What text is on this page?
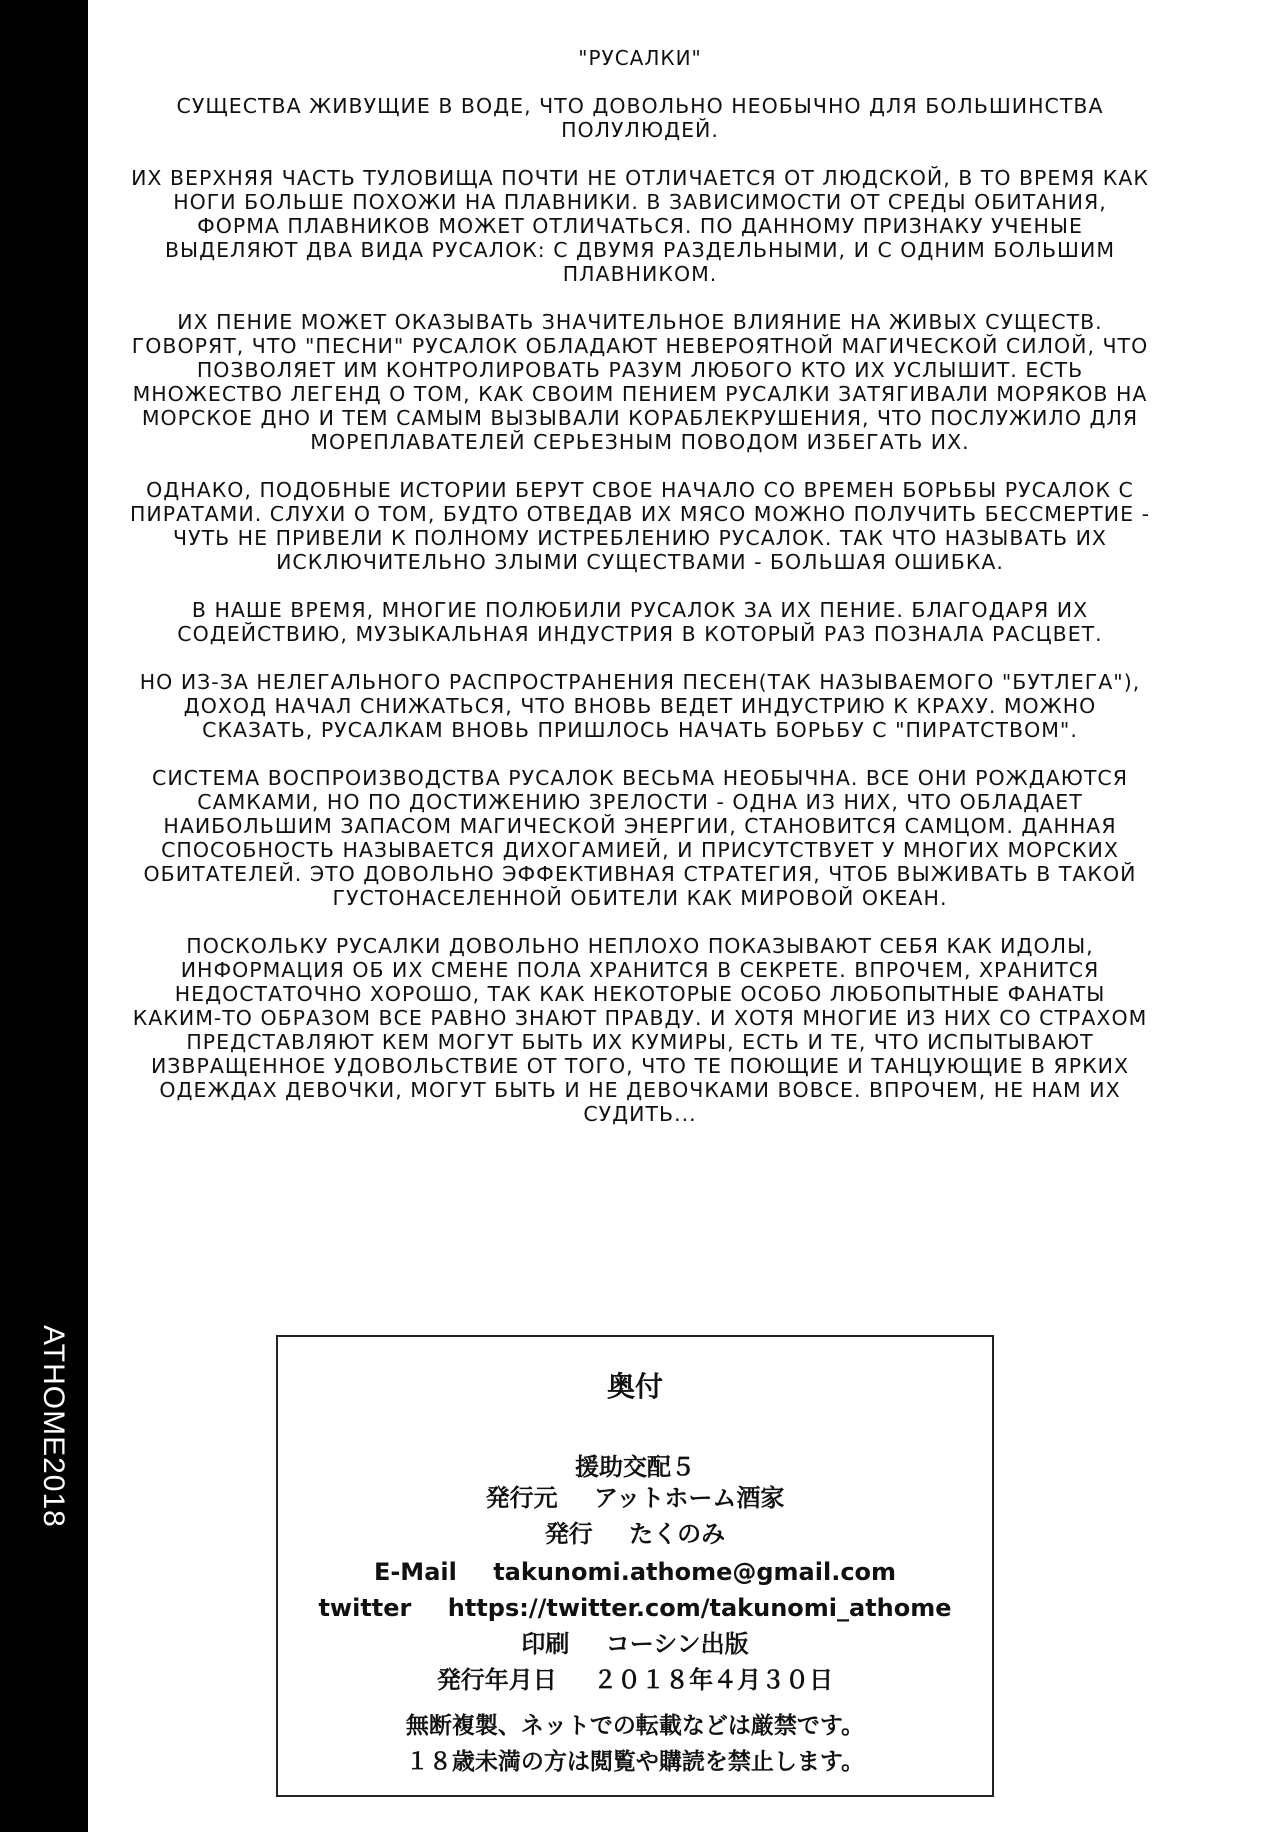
ATHOME2018
"РУСАЛКИ"

СУЩЕСТВА ЖИВУЩИЕ В ВОДЕ, ЧТО ДОВОЛЬНО НЕОБЫЧНО ДЛЯ БОЛЬШИНСТВА ПОЛУЛЮДЕЙ.

ИХ ВЕРХНЯЯ ЧАСТЬ ТУЛОВИЩА ПОЧТИ НЕ ОТЛИЧАЕТСЯ ОТ ЛЮДСКОЙ, В ТО ВРЕМЯ КАК НОГИ БОЛЬШЕ ПОХОЖИ НА ПЛАВНИКИ. В ЗАВИСИМОСТИ ОТ СРЕДЫ ОБИТАНИЯ, ФОРМА ПЛАВНИКОВ МОЖЕТ ОТЛИЧАТЬСЯ. ПО ДАННОМУ ПРИЗНАКУ УЧЕНЫЕ ВЫДЕЛЯЮТ ДВА ВИДА РУСАЛОК: С ДВУМЯ РАЗДЕЛЬНЫМИ, И С ОДНИМ БОЛЬШИМ ПЛАВНИКОМ.

ИХ ПЕНИЕ МОЖЕТ ОКАЗЫВАТЬ ЗНАЧИТЕЛЬНОЕ ВЛИЯНИЕ НА ЖИВЫХ СУЩЕСТВ. ГОВОРЯТ, ЧТО "ПЕСНИ" РУСАЛОК ОБЛАДАЮТ НЕВЕРОЯТНОЙ МАГИЧЕСКОЙ СИЛОЙ, ЧТО ПОЗВОЛЯЕТ ИМ КОНТРОЛИРОВАТЬ РАЗУМ ЛЮБОГО КТО ИХ УСЛЫШИТ. ЕСТЬ МНОЖЕСТВО ЛЕГЕНД О ТОМ, КАК СВОИМ ПЕНИЕМ РУСАЛКИ ЗАТЯГИВАЛИ МОРЯКОВ НА МОРСКОЕ ДНО И ТЕМ САМЫМ ВЫЗЫВАЛИ КОРАБЛЕКРУШЕНИЯ, ЧТО ПОСЛУЖИЛО ДЛЯ МОРЕПЛАВАТЕЛЕЙ СЕРЬЕЗНЫМ ПОВОДОМ ИЗБЕГАТЬ ИХ.

ОДНАКО, ПОДОБНЫЕ ИСТОРИИ БЕРУТ СВОЕ НАЧАЛО СО ВРЕМЕН БОРЬБЫ РУСАЛОК С ПИРАТАМИ. СЛУХИ О ТОМ, БУДТО ОТВЕДАВ ИХ МЯСО МОЖНО ПОЛУЧИТЬ БЕССМЕРТИЕ - ЧУТЬ НЕ ПРИВЕЛИ К ПОЛНОМУ ИСТРЕБЛЕНИЮ РУСАЛОК. ТАК ЧТО НАЗЫВАТЬ ИХ ИСКЛЮЧИТЕЛЬНО ЗЛЫМИ СУЩЕСТВАМИ - БОЛЬШАЯ ОШИБКА.

В НАШЕ ВРЕМЯ, МНОГИЕ ПОЛЮБИЛИ РУСАЛОК ЗА ИХ ПЕНИЕ. БЛАГОДАРЯ ИХ СОДЕЙСТВИЮ, МУЗЫКАЛЬНАЯ ИНДУСТРИЯ В КОТОРЫЙ РАЗ ПОЗНАЛА РАСЦВЕТ.

НО ИЗ-ЗА НЕЛЕГАЛЬНОГО РАСПРОСТРАНЕНИЯ ПЕСЕН(ТАК НАЗЫВАЕМОГО "БУТЛЕГА"), ДОХОД НАЧАЛ СНИЖАТЬСЯ, ЧТО ВНОВЬ ВЕДЕТ ИНДУСТРИЮ К КРАХУ. МОЖНО СКАЗАТЬ, РУСАЛКАМ ВНОВЬ ПРИШЛОСЬ НАЧАТЬ БОРЬБУ С "ПИРАТСТВОМ".

СИСТЕМА ВОСПРОИЗВОДСТВА РУСАЛОК ВЕСЬМА НЕОБЫЧНА. ВСЕ ОНИ РОЖДАЮТСЯ САМКАМИ, НО ПО ДОСТИЖЕНИЮ ЗРЕЛОСТИ - ОДНА ИЗ НИХ, ЧТО ОБЛАДАЕТ НАИБОЛЬШИМ ЗАПАСОМ МАГИЧЕСКОЙ ЭНЕРГИИ, СТАНОВИТСЯ САМЦОМ. ДАННАЯ СПОСОБНОСТЬ НАЗЫВАЕТСЯ ДИХОГАМИЕЙ, И ПРИСУТСТВУЕТ У МНОГИХ МОРСКИХ ОБИТАТЕЛЕЙ. ЭТО ДОВОЛЬНО ЭФФЕКТИВНАЯ СТРАТЕГИЯ, ЧТОБ ВЫЖИВАТЬ В ТАКОЙ ГУСТОНАСЕЛЕННОЙ ОБИТЕЛИ КАК МИРОВОЙ ОКЕАН.

ПОСКОЛЬКУ РУСАЛКИ ДОВОЛЬНО НЕПЛОХО ПОКАЗЫВАЮТ СЕБЯ КАК ИДОЛЫ, ИНФОРМАЦИЯ ОБ ИХ СМЕНЕ ПОЛА ХРАНИТСЯ В СЕКРЕТЕ. ВПРОЧЕМ, ХРАНИТСЯ НЕДОСТАТОЧНО ХОРОШО, ТАК КАК НЕКОТОРЫЕ ОСОБО ЛЮБОПЫТНЫЕ ФАНАТЫ КАКИМ-ТО ОБРАЗОМ ВСЕ РАВНО ЗНАЮТ ПРАВДУ. И ХОТЯ МНОГИЕ ИЗ НИХ СО СТРАХОМ ПРЕДСТАВЛЯЮТ КЕМ МОГУТ БЫТЬ ИХ КУМИРЫ, ЕСТЬ И ТЕ, ЧТО ИСПЫТЫВАЮТ ИЗВРАЩЕННОЕ УДОВОЛЬСТВИЕ ОТ ТОГО, ЧТО ТЕ ПОЮЩИЕ И ТАНЦУЮЩИЕ В ЯРКИХ ОДЕЖДАХ ДЕВОЧКИ, МОГУТ БЫТЬ И НЕ ДЕВОЧКАМИ ВОВСЕ. ВПРОЧЕМ, НЕ НАМ ИХ СУДИТЬ...

奥付
援助交配５
発行元 アットホーム酒家
発行 たくのみ
E-Mail takunomi.athome@gmail.com
twitter https://twitter.com/takunomi_athome
印刷 コーシン出版
発行年月日 ２０１８年４月３０日
無断複製、ネットでの転載などは厳禁です。
１８歳未満の方は閲覧や購読を禁止します。
